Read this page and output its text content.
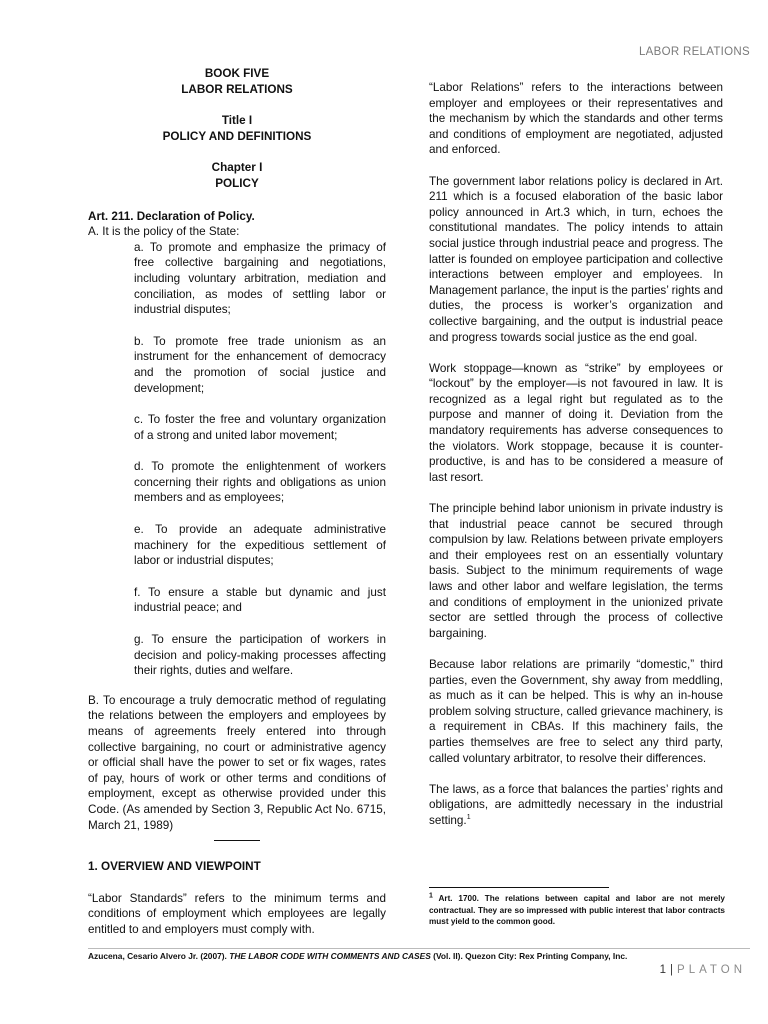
LABOR RELATIONS
BOOK FIVE
LABOR RELATIONS
Title I
POLICY AND DEFINITIONS
Chapter I
POLICY
Art. 211. Declaration of Policy.

A. It is the policy of the State:

a. To promote and emphasize the primacy of free collective bargaining and negotiations, including voluntary arbitration, mediation and conciliation, as modes of settling labor or industrial disputes;

b. To promote free trade unionism as an instrument for the enhancement of democracy and the promotion of social justice and development;

c. To foster the free and voluntary organization of a strong and united labor movement;

d. To promote the enlightenment of workers concerning their rights and obligations as union members and as employees;

e. To provide an adequate administrative machinery for the expeditious settlement of labor or industrial disputes;

f. To ensure a stable but dynamic and just industrial peace; and

g. To ensure the participation of workers in decision and policy-making processes affecting their rights, duties and welfare.

B. To encourage a truly democratic method of regulating the relations between the employers and employees by means of agreements freely entered into through collective bargaining, no court or administrative agency or official shall have the power to set or fix wages, rates of pay, hours of work or other terms and conditions of employment, except as otherwise provided under this Code. (As amended by Section 3, Republic Act No. 6715, March 21, 1989)

1. OVERVIEW AND VIEWPOINT

“Labor Standards” refers to the minimum terms and conditions of employment which employees are legally entitled to and employers must comply with.

“Labor Relations” refers to the interactions between employer and employees or their representatives and the mechanism by which the standards and other terms and conditions of employment are negotiated, adjusted and enforced.

The government labor relations policy is declared in Art. 211 which is a focused elaboration of the basic labor policy announced in Art.3 which, in turn, echoes the constitutional mandates. The policy intends to attain social justice through industrial peace and progress. The latter is founded on employee participation and collective interactions between employer and employees. In Management parlance, the input is the parties’ rights and duties, the process is worker’s organization and collective bargaining, and the output is industrial peace and progress towards social justice as the end goal.

Work stoppage—known as “strike” by employees or “lockout” by the employer—is not favoured in law. It is recognized as a legal right but regulated as to the purpose and manner of doing it. Deviation from the mandatory requirements has adverse consequences to the violators. Work stoppage, because it is counter-productive, is and has to be considered a measure of last resort.

The principle behind labor unionism in private industry is that industrial peace cannot be secured through compulsion by law. Relations between private employers and their employees rest on an essentially voluntary basis. Subject to the minimum requirements of wage laws and other labor and welfare legislation, the terms and conditions of employment in the unionized private sector are settled through the process of collective bargaining.

Because labor relations are primarily “domestic,” third parties, even the Government, shy away from meddling, as much as it can be helped. This is why an in-house problem solving structure, called grievance machinery, is a requirement in CBAs. If this machinery fails, the parties themselves are free to select any third party, called voluntary arbitrator, to resolve their differences.

The laws, as a force that balances the parties’ rights and obligations, are admittedly necessary in the industrial setting.$^1$

$^1$ Art. 1700. The relations between capital and labor are not merely contractual. They are so impressed with public interest that labor contracts must yield to the common good.
Azucena, Cesario Alvero Jr. (2007). THE LABOR CODE WITH COMMENTS AND CASES (Vol. II). Quezon City: Rex Printing Company, Inc.
1 | PLATON
